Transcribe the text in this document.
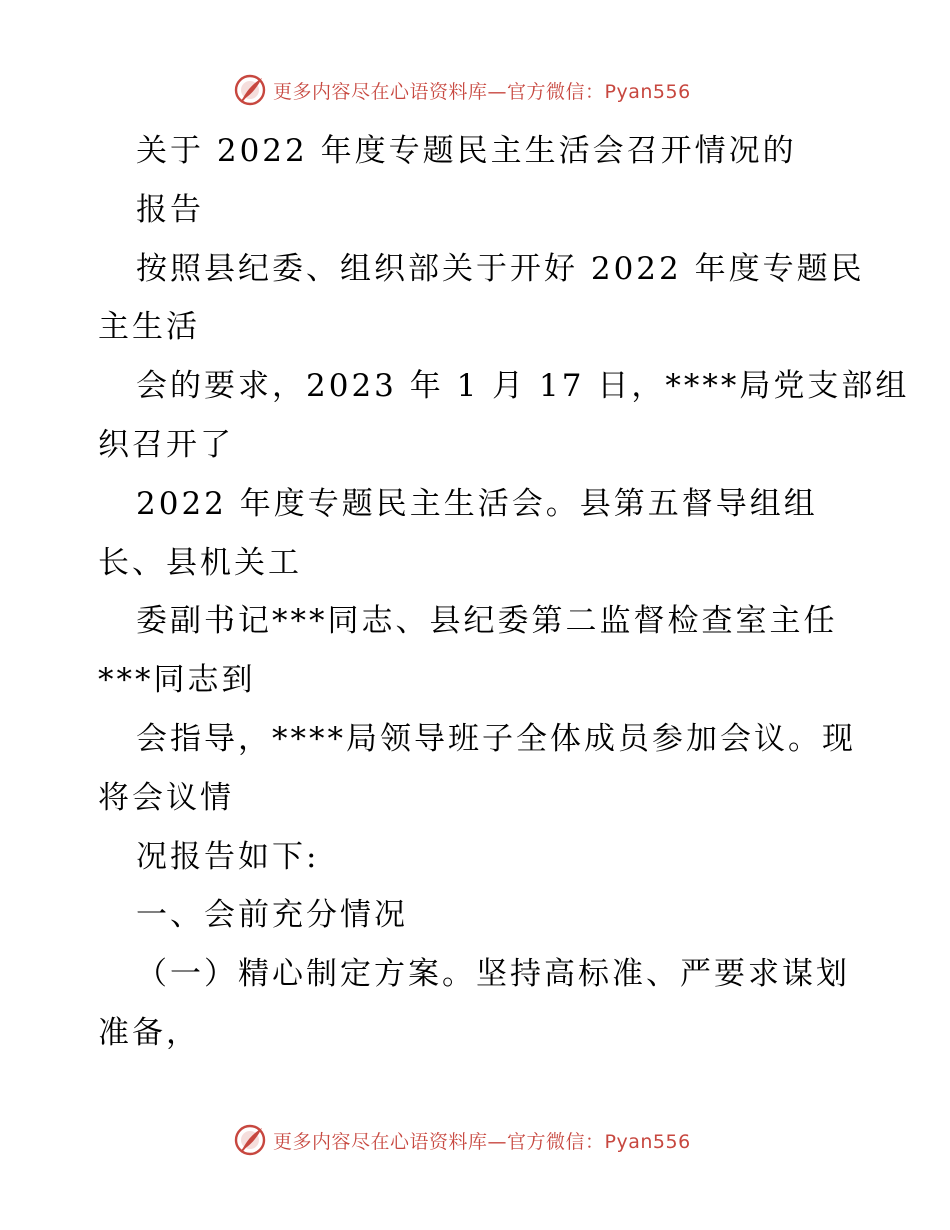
更多内容尽在心语资料库—官方微信：Pyan556
关于 2022 年度专题民主生活会召开情况的
报告
按照县纪委、组织部关于开好 2022 年度专题民
主生活
会的要求，2023 年 1 月 17 日，****局党支部组
织召开了
2022 年度专题民主生活会。县第五督导组组
长、县机关工
委副书记***同志、县纪委第二监督检查室主任
***同志到
会指导，****局领导班子全体成员参加会议。现
将会议情
况报告如下:
一、会前充分情况
（一）精心制定方案。坚持高标准、严要求谋划
准备，
更多内容尽在心语资料库—官方微信：Pyan556
